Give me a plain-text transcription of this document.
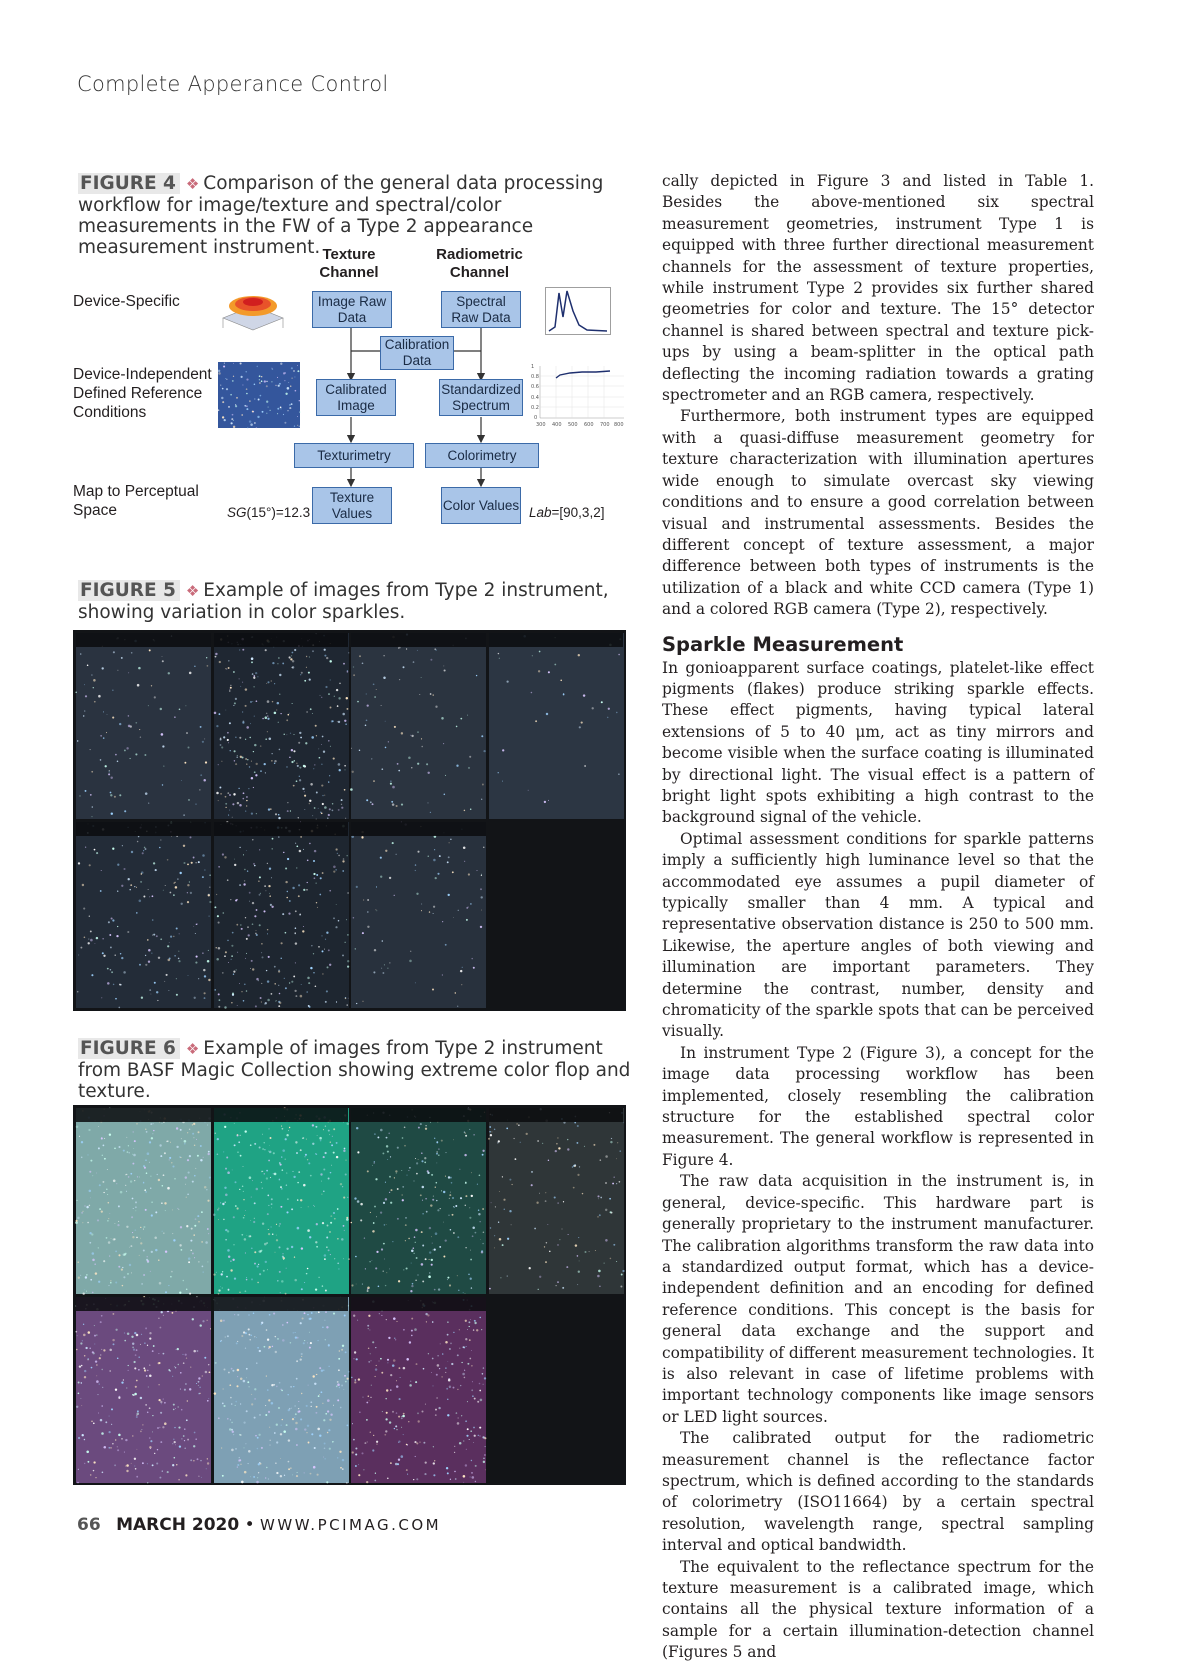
Complete Apperance Control
FIGURE 4 ❖ Comparison of the general data processing workflow for image/texture and spectral/color measurements in the FW of a Type 2 appearance measurement instrument. Texture Channel
Radiometric Channel
Device-Specific
Device-Independent Defined Reference Conditions
Map to Perceptual Space
Image Raw Data
Spectral Raw Data
Calibration Data
Calibrated Image
Standardized Spectrum
Texturimetry	Colorimetry
Texture Values
Color Values
1
0.8
0.6
0.4
0.2
0
300 400 500 600 700 800
SG(15°)=12.3	Lab=[90,3,2]
FIGURE 5 ❖ Example of images from Type 2 instrument, showing variation in color sparkles.
FIGURE 6 ❖ Example of images from Type 2 instrument from BASF Magic Collection showing extreme color flop and texture.

cally depicted in Figure 3 and listed in Table 1. Besides the above-mentioned six spectral measurement geometries, instrument Type 1 is equipped with three further directional measurement channels for the assessment of texture properties, while instrument Type 2 provides six further shared geometries for color and texture. The 15° detector channel is shared between spectral and texture pick-ups by using a beam-splitter in the optical path deflecting the incoming radiation towards a grating spectrometer and an RGB camera, respectively.

Furthermore, both instrument types are equipped with a quasi-diffuse measurement geometry for texture characterization with illumination apertures wide enough to simulate overcast sky viewing conditions and to ensure a good correlation between visual and instrumental assessments. Besides the different concept of texture assessment, a major difference between both types of instruments is the utilization of a black and white CCD camera (Type 1) and a colored RGB camera (Type 2), respectively.

Sparkle Measurement

In gonioapparent surface coatings, platelet-like effect pigments (flakes) produce striking sparkle effects. These effect pigments, having typical lateral extensions of 5 to 40 μm, act as tiny mirrors and become visible when the surface coating is illuminated by directional light. The visual effect is a pattern of bright light spots exhibiting a high contrast to the background signal of the vehicle.

Optimal assessment conditions for sparkle patterns imply a sufficiently high luminance level so that the accommodated eye assumes a pupil diameter of typically smaller than 4 mm. A typical and representative observation distance is 250 to 500 mm. Likewise, the aperture angles of both viewing and illumination are important parameters. They determine the contrast, number, density and chromaticity of the sparkle spots that can be perceived visually.

In instrument Type 2 (Figure 3), a concept for the image data processing workflow has been implemented, closely resembling the calibration structure for the established spectral color measurement. The general workflow is represented in Figure 4.

The raw data acquisition in the instrument is, in general, device-specific. This hardware part is generally proprietary to the instrument manufacturer. The calibration algorithms transform the raw data into a standardized output format, which has a device-independent definition and an encoding for defined reference conditions. This concept is the basis for general data exchange and the support and compatibility of different measurement technologies. It is also relevant in case of lifetime problems with important technology components like image sensors or LED light sources.

The calibrated output for the radiometric measurement channel is the reflectance factor spectrum, which is defined according to the standards of colorimetry (ISO11664) by a certain spectral resolution, wavelength range, spectral sampling interval and optical bandwidth.

The equivalent to the reflectance spectrum for the texture measurement is a calibrated image, which contains all the physical texture information of a sample for a certain illumination-detection channel (Figures 5 and

66 MARCH 2020 • WWW.PCIMAG.COM
